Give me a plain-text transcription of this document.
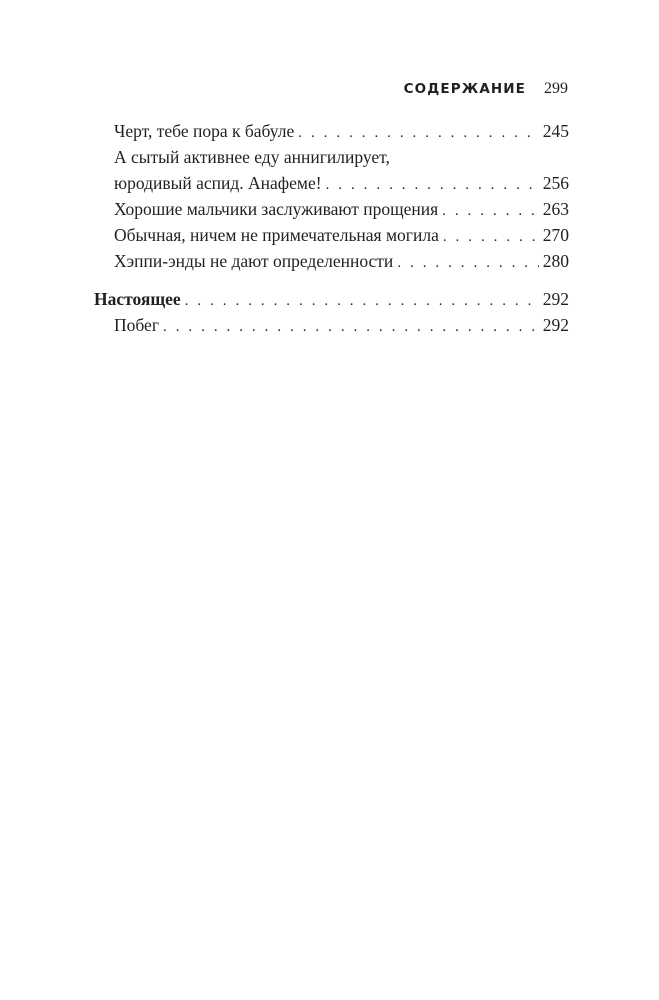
СОДЕРЖАНИЕ 299
Черт, тебе пора к бабуле . . .	245
А сытый активнее еду аннигилирует,
юродивый аспид. Анафеме! . . .	256
Хорошие мальчики заслуживают прощения . . .	263
Обычная, ничем не примечательная могила . . .	270
Хэппи-энды не дают определенности . . .	280
Настоящее . . .	292
Побег . . .	292
